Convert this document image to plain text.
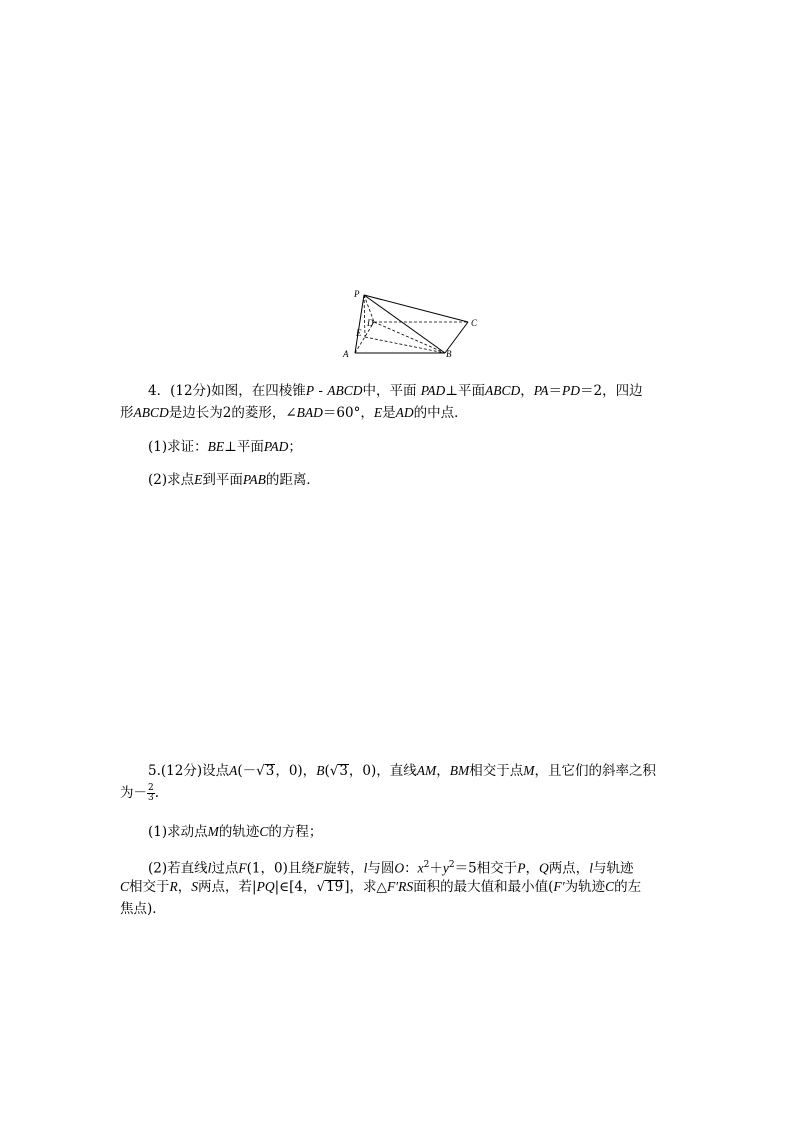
P
D	C
E
A	B
4．(12分)如图，在四棱锥P - ABCD中，平面 PAD⊥平面ABCD，PA＝PD＝2，四边
形ABCD是边长为2的菱形，∠BAD＝60°，E是AD的中点．
(1)求证：BE⊥平面PAD；
(2)求点E到平面PAB的距离．
5.(12分)设点A(－√3，0)，B(√3，0)，直线AM，BM相交于点M，且它们的斜率之积
为－ $\frac{2}{3}$ .
(1)求动点M的轨迹C的方程；
(2)若直线l过点F(1，0)且绕F旋转，l与圆O：$x^2+y^2=5$相交于P，Q两点，l与轨迹
C相交于R，S两点，若|PQ|∈[4，√19]，求△F′RS面积的最大值和最小值(F′为轨迹C的左
焦点)．
